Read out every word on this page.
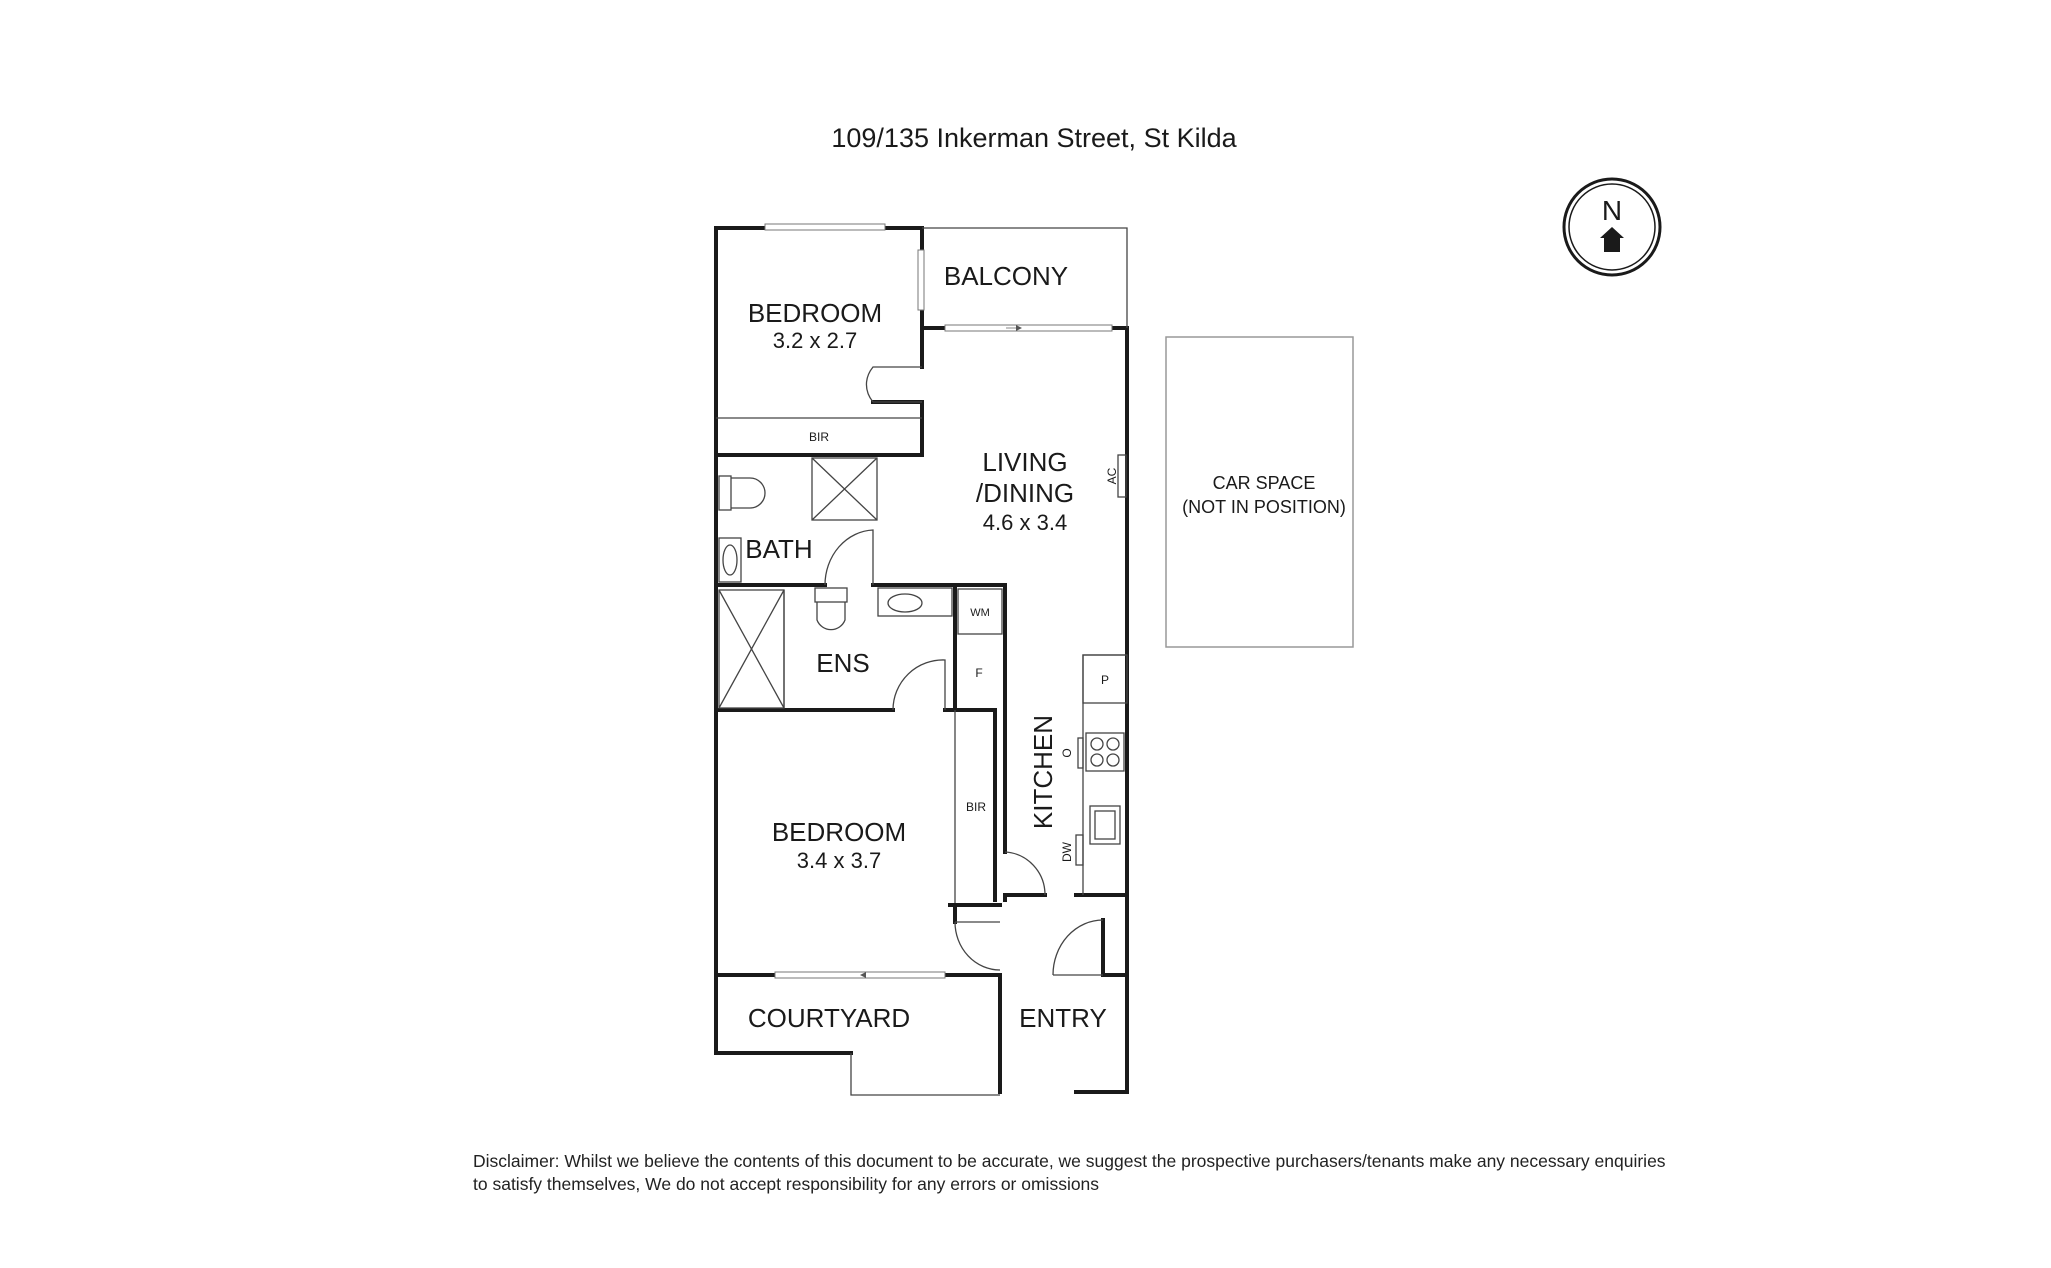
109/135 Inkerman Street, St Kilda
N
BEDROOM
3.2 x 2.7
BALCONY
LIVING
/DINING
4.6 x 3.4
BATH
ENS
KITCHEN
BEDROOM
3.4 x 3.7
COURTYARD	ENTRY
CAR SPACE
(NOT IN POSITION)
BIR
BIR
AC
WM
F	P
O
DW

Disclaimer: Whilst we believe the contents of this document to be accurate, we suggest the prospective purchasers/tenants make any necessary enquiries to satisfy themselves, We do not accept responsibility for any errors or omissions
